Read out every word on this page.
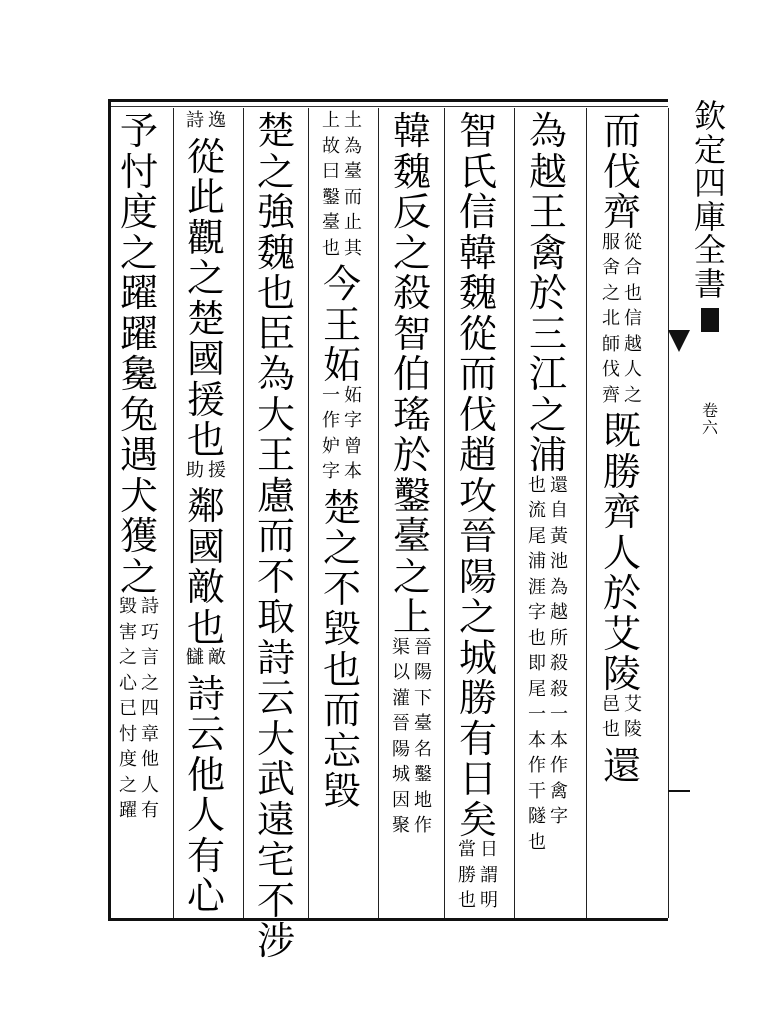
欽
定
四
庫
全
書
卷
六
而
伐
齊
從
合
也
信
越
人
之
服
舍
之
北
師
伐
齊
既
勝
齊
人
於
艾
陵
艾
陵
邑
也
還
為
越
王
禽
於
三
江
之
浦
還
自
黃
池
為
越
所
殺
也
流
尾
浦
涯
字
也
即
殺
一
本
作
禽
字
尾
一
本
作
干
隧
也
智
氏
信
韓
魏
從
而
伐
趙
攻
晉
陽
之
城
勝
有
日
矣
日
謂
明
當
勝
也
韓
魏
反
之
殺
智
伯
瑤
於
鑿
臺
之
上
晉
陽
下
臺
名
鑿
地
作
渠
以
灌
晉
陽
城
因
聚
土
為
臺
而
止
其
上
故
曰
鑿
臺
也
今
王
妬
妬
字
曾
本
一
作
妒
字
楚
之
不
毀
也
而
忘
毀
楚
之
強
魏
也
臣
為
大
王
慮
而
不
取
詩
云
大
武
遠
宅
不
涉
逸
詩
從
此
觀
之
楚
國
援
也
援
助
鄰
國
敵
也
敵
讎
詩
云
他
人
有
心
予
忖
度
之
躍
躍
毚
兔
遇
犬
獲
之
詩
巧
言
之
四
章
他
人
有
毀
害
之
心
已
忖
度
之
躍
